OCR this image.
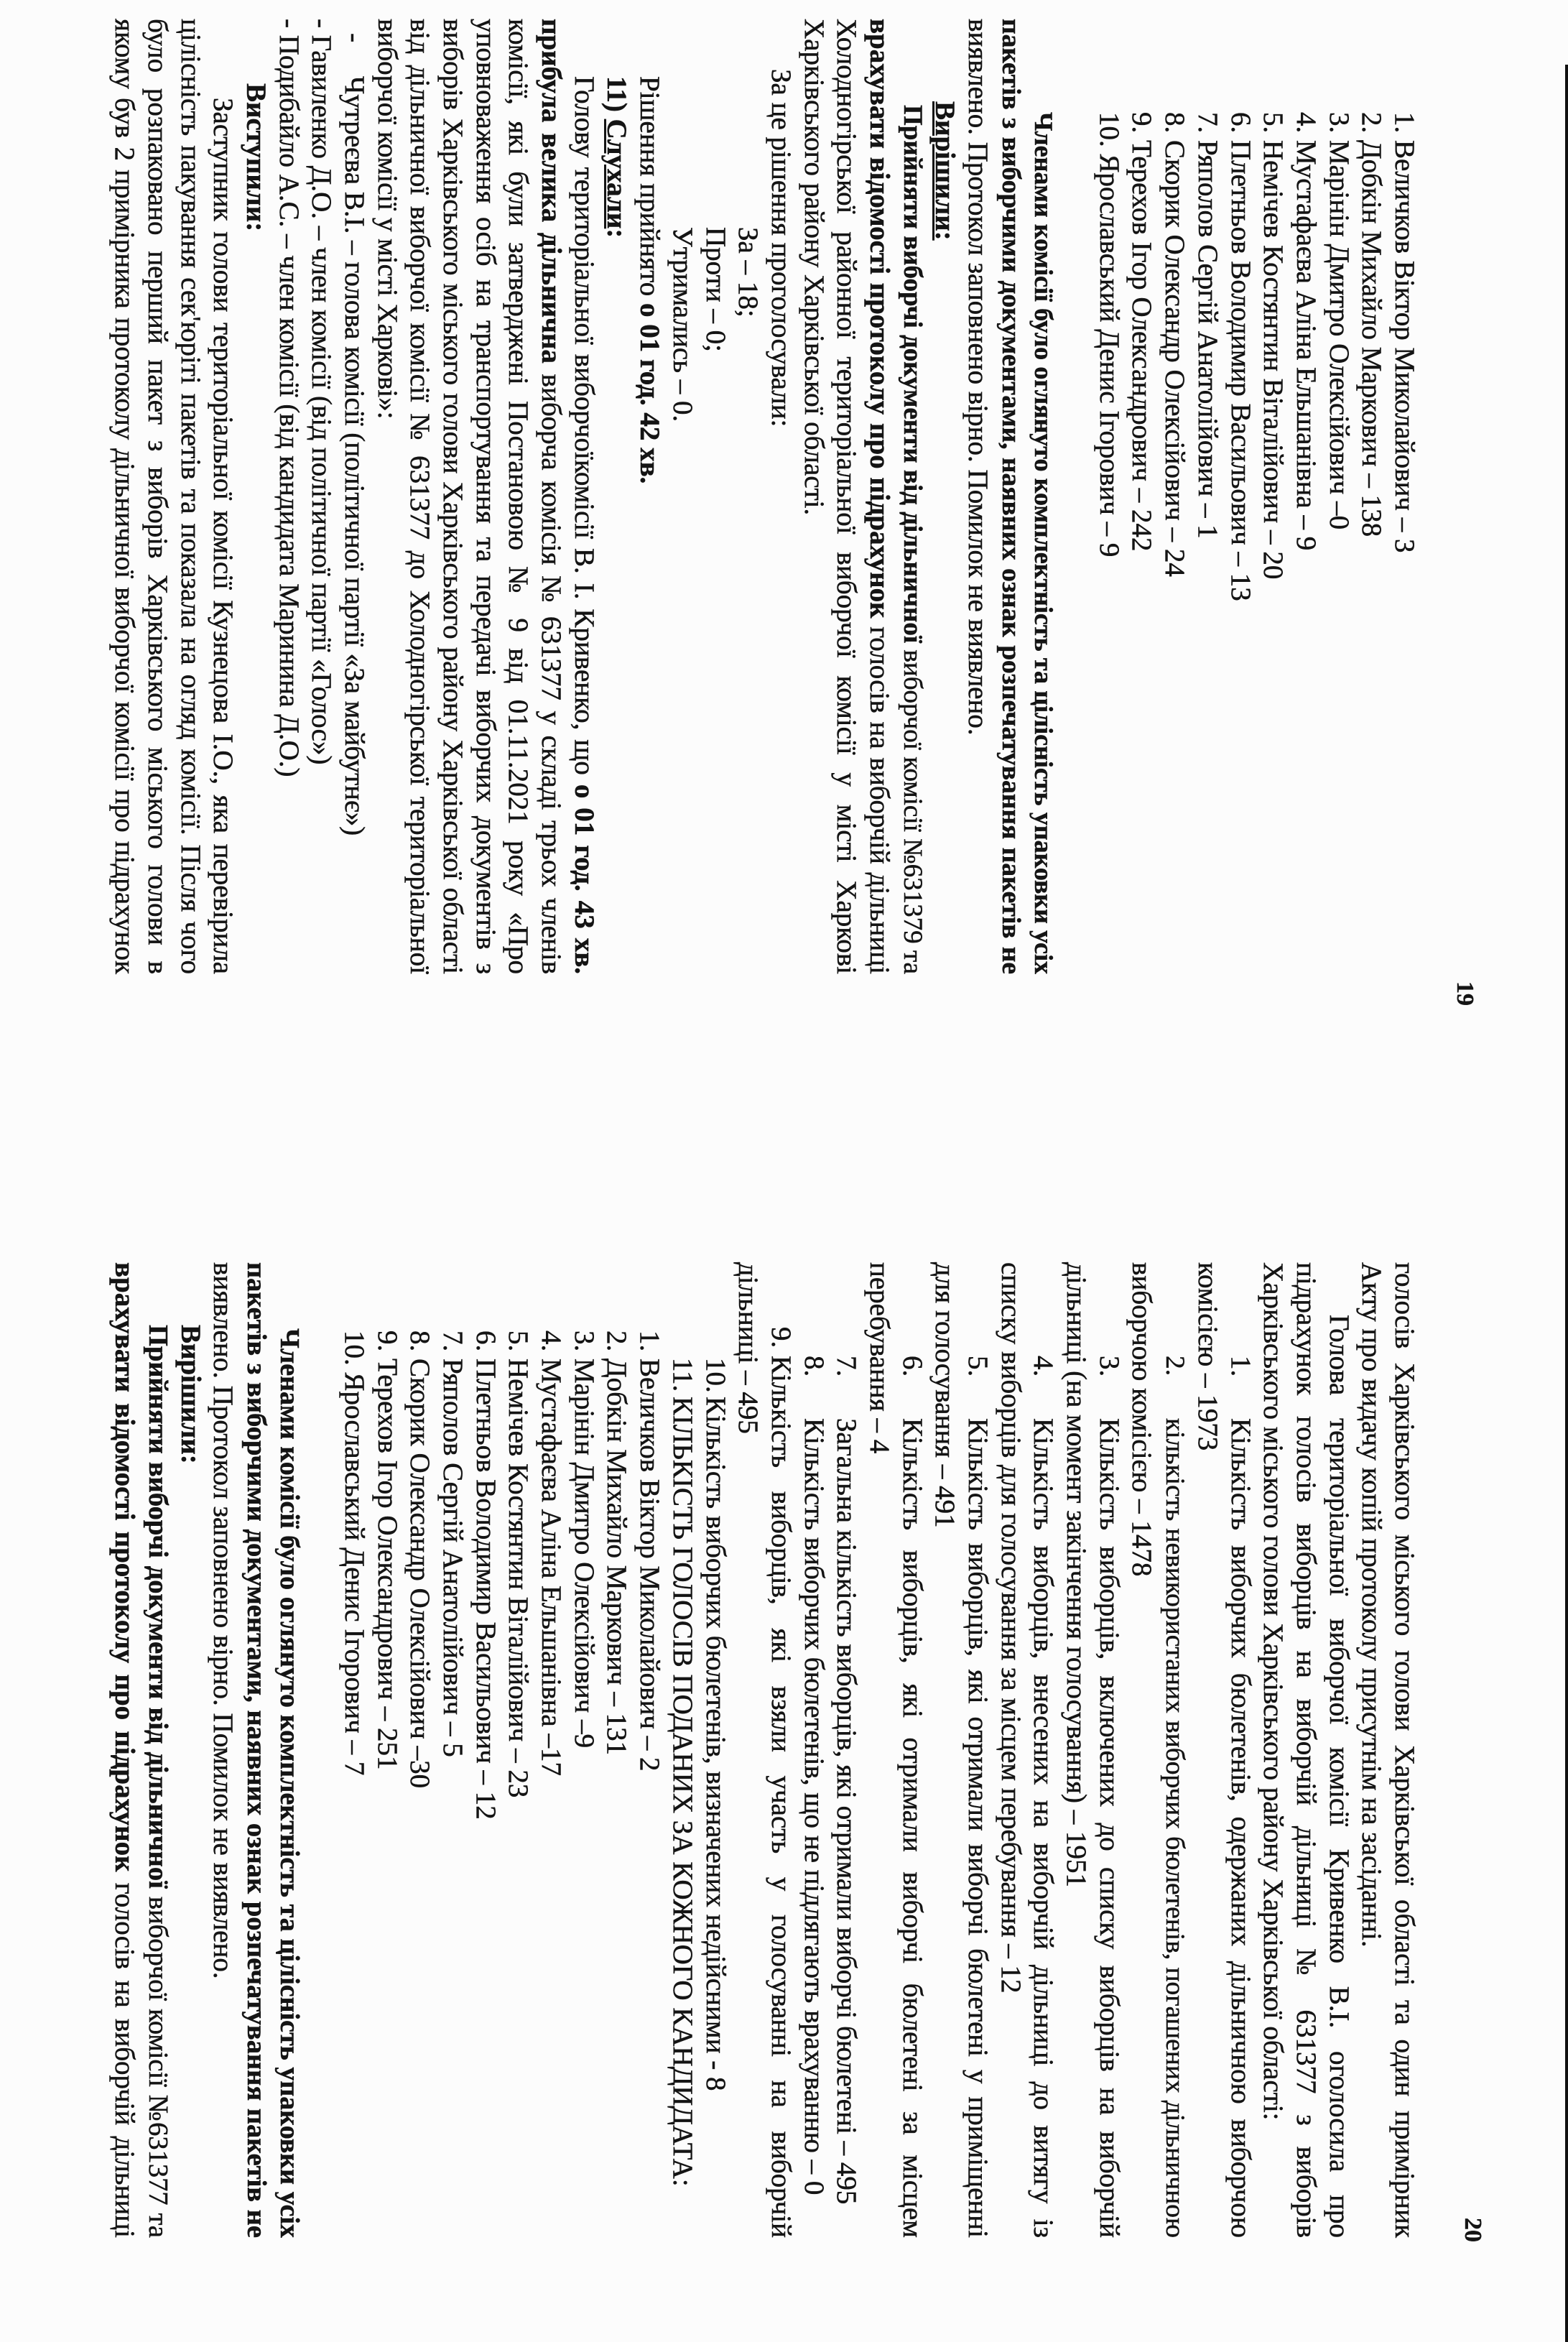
19
20
1. Величков Віктор Миколайович – 3
2. Добкін Михайло Маркович – 138
3. Марінін Дмитро Олексійович –0
4. Мустафаєва Аліна Ельшанівна – 9
5. Немічев Костянтин Віталійович – 20
6. Плетньов Володимир Васильович – 13
7. Ряполов Сергій Анатолійович – 1
8. Скорик Олександр Олексійович – 24
9. Терехов Ігор Олександрович – 242
10. Ярославський Денис Ігорович – 9
Членами комісії було оглянуто комплектність та цілісність упаковки усіх
пакетів з виборчими документами, наявних ознак розпечатування пакетів не
виявлено. Протокол заповнено вірно. Помилок не виявлено.
Вирішили:
Прийняти виборчі документи від дільничної виборчої комісії №631379 та
врахувати відомості протоколу про підрахунок голосів на виборчій дільниці
Холодногірської районної територіальної виборчої комісії у місті Харкові
Харківського району Харківської області.
За це рішення проголосували:
За – 18;
Проти – 0;
Утримались – 0.
Рішення прийнято о 01 год. 42 хв.
11) Слухали:
Голову територіальної виборчоїкомісії В. І. Кривенко, що о 01 год. 43 хв.
прибула велика дільнична виборча комісія № 631377 у складі трьох членів
комісії, які були затверджені Постановою № 9 від 01.11.2021 року «Про
уповноваження осіб на транспортування та передачі виборчих документів з
виборів Харківського міського голови Харківського району Харківської області
від дільничної виборчої комісії № 631377 до Холодногірської територіальної
виборчої комісії у місті Харкові»:
-Чутреєва В.І. – голова комісії (політичної партії «За майбутнє»)
- Гавиленко Д.О. – член комісії (від політичної партії «Голос»)
- Подибайло А.С. – член комісії (від кандидата Маринина Д.О.)
Виступили:
Заступник голови територіальної комісії Кузнецова І.О., яка перевірила
цілісність пакування сек'юріті пакетів та показала на огляд комісії. Після чого
було розпаковано перший пакет з виборів Харківського міського голови в
якому був 2 примірника протоколу дільничної виборчої комісії про підрахунок
голосів Харківського міського голови Харківської області та один примірник
Акту про видачу копій протоколу присутнім на засіданні.
Голова територіальної виборчої комісії Кривенко В.І. оголосила про
підрахунок голосів виборців на виборчій дільниці № 631377 з виборів
Харківського міського голови Харківського району Харківської області:
1.Кількість виборчих бюлетенів, одержаних дільничною виборчою
комісією – 1973
2.кількість невикористаних виборчих бюлетенів, погашених дільничною
виборчою комісією – 1478
3.Кількість виборців, включених до списку виборців на виборчій
дільниці (на момент закінчення голосування) – 1951
4.Кількість виборців, внесених на виборчій дільниці до витягу із
списку виборців для голосування за місцем перебування – 12
5.Кількість виборців, які отримали виборчі бюлетені у приміщенні
для голосування – 491
6.Кількість виборців, які отримали виборчі бюлетені за місцем
перебування – 4
7.Загальна кількість виборців, які отримали виборчі бюлетені – 495
8.Кількість виборчих бюлетенів, що не підлягають врахуванню – 0
9.Кількість виборців, які взяли участь у голосуванні на виборчій
дільниці – 495
10.Кількість виборчих бюлетенів, визначених недійсними - 8
11.КІЛЬКІСТЬ ГОЛОСІВ ПОДАНИХ ЗА КОЖНОГО КАНДИДАТА:
1. Величков Віктор Миколайович – 2
2. Добкін Михайло Маркович – 131
3. Марінін Дмитро Олексійович –9
4. Мустафаєва Аліна Ельшанівна –17
5. Немічев Костянтин Віталійович – 23
6. Плетньов Володимир Васильович – 12
7. Ряполов Сергій Анатолійович – 5
8. Скорик Олександр Олексійович –30
9. Терехов Ігор Олександрович – 251
10. Ярославський Денис Ігорович – 7
Членами комісії було оглянуто комплектність та цілісність упаковки усіх
пакетів з виборчими документами, наявних ознак розпечатування пакетів не
виявлено. Протокол заповнено вірно. Помилок не виявлено.
Вирішили:
Прийняти виборчі документи від дільничної виборчої комісії №631377 та
врахувати відомості протоколу про підрахунок голосів на виборчій дільниці
